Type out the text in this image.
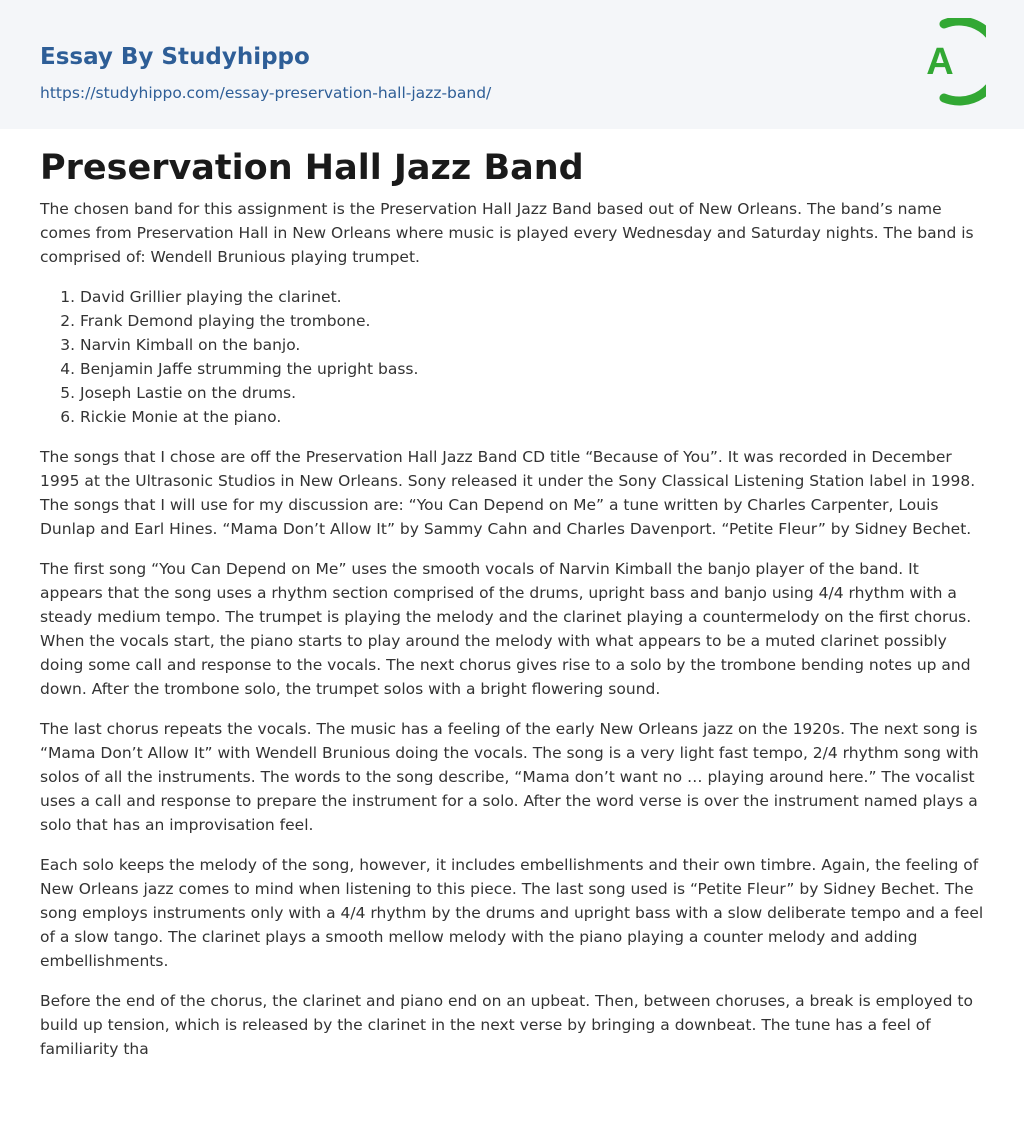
Essay By Studyhippo
https://studyhippo.com/essay-preservation-hall-jazz-band/
A
Preservation Hall Jazz Band

The chosen band for this assignment is the Preservation Hall Jazz Band based out of New Orleans. The band’s name comes from Preservation Hall in New Orleans where music is played every Wednesday and Saturday nights. The band is comprised of: Wendell Brunious playing trumpet.

1. David Grillier playing the clarinet.
2. Frank Demond playing the trombone.
3. Narvin Kimball on the banjo.
4. Benjamin Jaffe strumming the upright bass.
5. Joseph Lastie on the drums.
6. Rickie Monie at the piano.

The songs that I chose are off the Preservation Hall Jazz Band CD title “Because of You”. It was recorded in December 1995 at the Ultrasonic Studios in New Orleans. Sony released it under the Sony Classical Listening Station label in 1998. The songs that I will use for my discussion are: “You Can Depend on Me” a tune written by Charles Carpenter, Louis Dunlap and Earl Hines. “Mama Don’t Allow It” by Sammy Cahn and Charles Davenport. “Petite Fleur” by Sidney Bechet.

The first song “You Can Depend on Me” uses the smooth vocals of Narvin Kimball the banjo player of the band. It appears that the song uses a rhythm section comprised of the drums, upright bass and banjo using 4/4 rhythm with a steady medium tempo. The trumpet is playing the melody and the clarinet playing a countermelody on the first chorus. When the vocals start, the piano starts to play around the melody with what appears to be a muted clarinet possibly doing some call and response to the vocals. The next chorus gives rise to a solo by the trombone bending notes up and down. After the trombone solo, the trumpet solos with a bright flowering sound.

The last chorus repeats the vocals. The music has a feeling of the early New Orleans jazz on the 1920s. The next song is “Mama Don’t Allow It” with Wendell Brunious doing the vocals. The song is a very light fast tempo, 2/4 rhythm song with solos of all the instruments. The words to the song describe, “Mama don’t want no … playing around here.” The vocalist uses a call and response to prepare the instrument for a solo. After the word verse is over the instrument named plays a solo that has an improvisation feel.

Each solo keeps the melody of the song, however, it includes embellishments and their own timbre. Again, the feeling of New Orleans jazz comes to mind when listening to this piece. The last song used is “Petite Fleur” by Sidney Bechet. The song employs instruments only with a 4/4 rhythm by the drums and upright bass with a slow deliberate tempo and a feel of a slow tango. The clarinet plays a smooth mellow melody with the piano playing a counter melody and adding embellishments.

Before the end of the chorus, the clarinet and piano end on an upbeat. Then, between choruses, a break is employed to build up tension, which is released by the clarinet in the next verse by bringing a downbeat. The tune has a feel of familiarity tha
